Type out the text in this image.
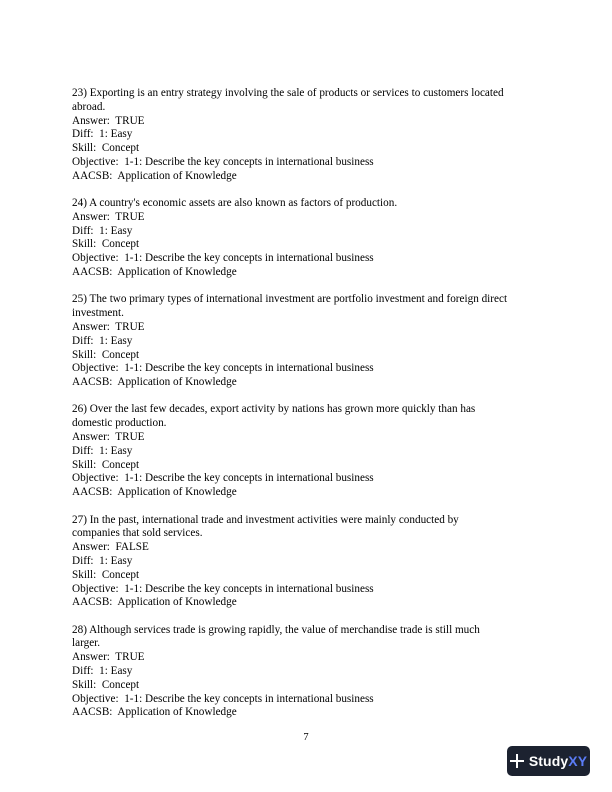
23) Exporting is an entry strategy involving the sale of products or services to customers located

abroad.

Answer:  TRUE

Diff:  1: Easy

Skill:  Concept

Objective:  1-1: Describe the key concepts in international business

AACSB:  Application of Knowledge

24) A country's economic assets are also known as factors of production.

Answer:  TRUE

Diff:  1: Easy

Skill:  Concept

Objective:  1-1: Describe the key concepts in international business

AACSB:  Application of Knowledge

25) The two primary types of international investment are portfolio investment and foreign direct

investment.

Answer:  TRUE

Diff:  1: Easy

Skill:  Concept

Objective:  1-1: Describe the key concepts in international business

AACSB:  Application of Knowledge

26) Over the last few decades, export activity by nations has grown more quickly than has

domestic production.

Answer:  TRUE

Diff:  1: Easy

Skill:  Concept

Objective:  1-1: Describe the key concepts in international business

AACSB:  Application of Knowledge

27) In the past, international trade and investment activities were mainly conducted by

companies that sold services.

Answer:  FALSE

Diff:  1: Easy

Skill:  Concept

Objective:  1-1: Describe the key concepts in international business

AACSB:  Application of Knowledge

28) Although services trade is growing rapidly, the value of merchandise trade is still much

larger.

Answer:  TRUE

Diff:  1: Easy

Skill:  Concept

Objective:  1-1: Describe the key concepts in international business

AACSB:  Application of Knowledge

7
StudyXY
